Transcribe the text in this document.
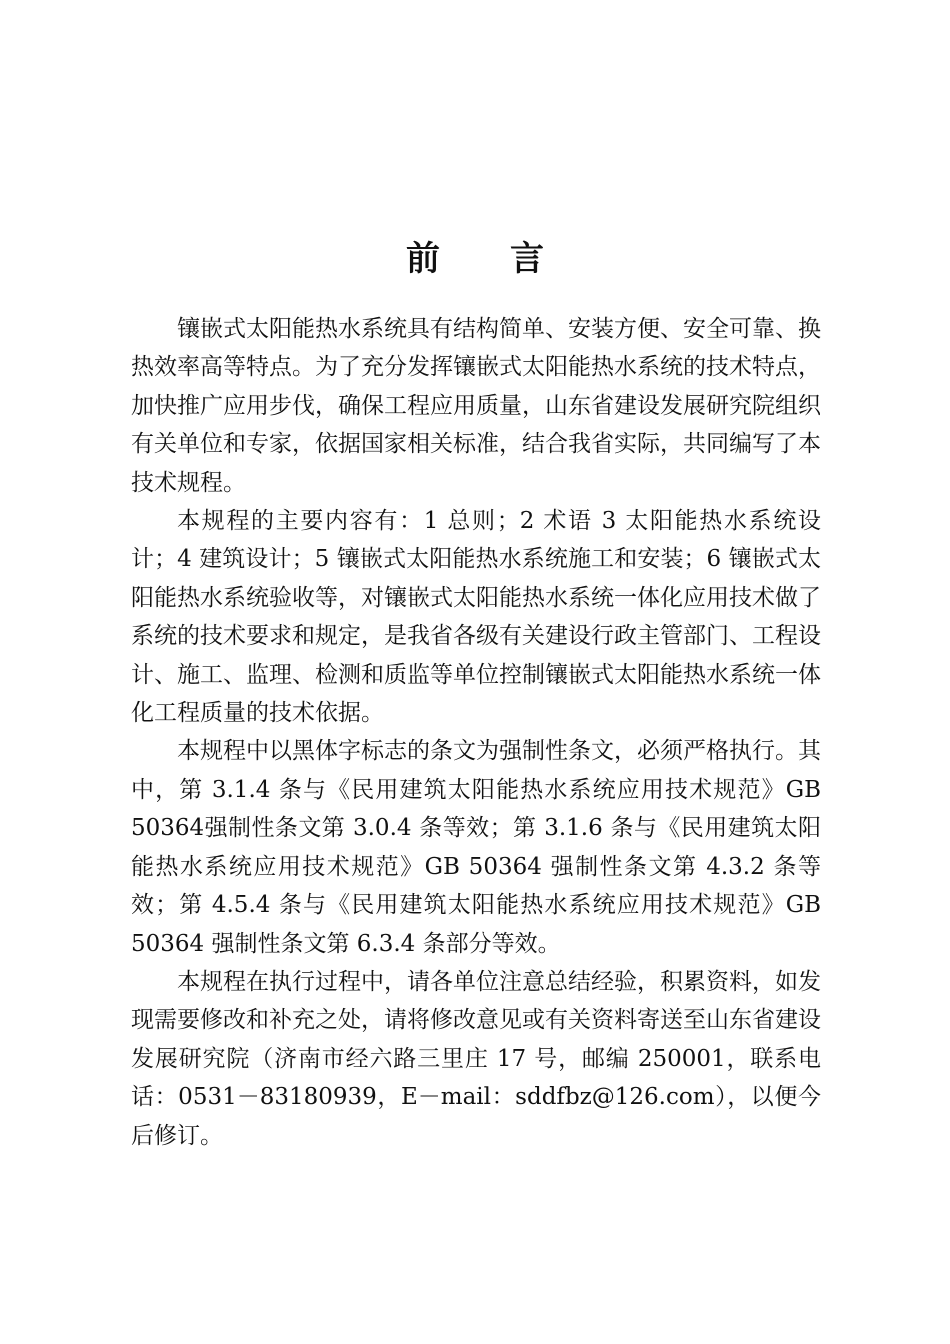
前言

镶嵌式太阳能热水系统具有结构简单、安装方便、安全可靠、换热效率高等特点。为了充分发挥镶嵌式太阳能热水系统的技术特点，加快推广应用步伐，确保工程应用质量，山东省建设发展研究院组织有关单位和专家，依据国家相关标准，结合我省实际，共同编写了本技术规程。

本规程的主要内容有：1 总则；2 术语 3 太阳能热水系统设计；4 建筑设计；5 镶嵌式太阳能热水系统施工和安装；6 镶嵌式太阳能热水系统验收等，对镶嵌式太阳能热水系统一体化应用技术做了系统的技术要求和规定，是我省各级有关建设行政主管部门、工程设计、施工、监理、检测和质监等单位控制镶嵌式太阳能热水系统一体化工程质量的技术依据。

本规程中以黑体字标志的条文为强制性条文，必须严格执行。其中，第 3.1.4 条与《民用建筑太阳能热水系统应用技术规范》GB 50364强制性条文第 3.0.4 条等效；第 3.1.6 条与《民用建筑太阳能热水系统应用技术规范》GB 50364 强制性条文第 4.3.2 条等效；第 4.5.4 条与《民用建筑太阳能热水系统应用技术规范》GB 50364 强制性条文第 6.3.4 条部分等效。

本规程在执行过程中，请各单位注意总结经验，积累资料，如发现需要修改和补充之处，请将修改意见或有关资料寄送至山东省建设发展研究院（济南市经六路三里庄 17 号，邮编 250001，联系电话：0531－83180939，E－mail：sddfbz@126.com），以便今后修订。
